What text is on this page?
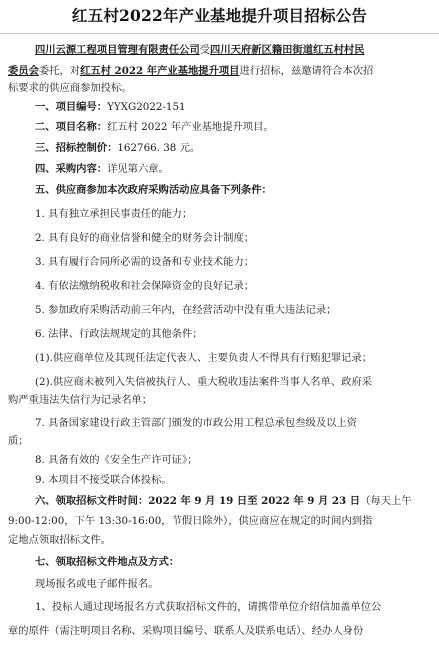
红五村2022年产业基地提升项目招标公告
四川云源工程项目管理有限责任公司受四川天府新区籍田街道红五村村民
委员会委托，对红五村 2022 年产业基地提升项目进行招标，兹邀请符合本次招
标要求的供应商参加投标。
一、项目编号：YYXG2022-151
二、项目名称：红五村 2022 年产业基地提升项目。
三、招标控制价：162766. 38 元。
四、采购内容：详见第六章。
五、供应商参加本次政府采购活动应具备下列条件：
1. 具有独立承担民事责任的能力；
2. 具有良好的商业信誉和健全的财务会计制度；
3. 具有履行合同所必需的设备和专业技术能力；
4. 有依法缴纳税收和社会保障资金的良好记录；
5. 参加政府采购活动前三年内，在经营活动中没有重大违法记录；
6. 法律、行政法规规定的其他条件；
(1).供应商单位及其现任法定代表人、主要负责人不得具有行贿犯罪记录；
(2).供应商未被列入失信被执行人、重大税收违法案件当事人名单、政府采
购严重违法失信行为记录名单；
7. 具备国家建设行政主管部门颁发的市政公用工程总承包叁级及以上资
质；
8. 具备有效的《安全生产许可证》；
9. 本项目不接受联合体投标。
六、领取招标文件时间：2022 年 9 月 19 日至 2022 年 9 月 23 日（每天上午
9:00-12:00，下午 13:30-16:00，节假日除外），供应商应在规定的时间内到指
定地点领取招标文件。
七、领取招标文件地点及方式：
现场报名或电子邮件报名。
1、投标人通过现场报名方式获取招标文件的，请携带单位介绍信加盖单位公
章的原件（需注明项目名称、采购项目编号、联系人及联系电话）、经办人身份
